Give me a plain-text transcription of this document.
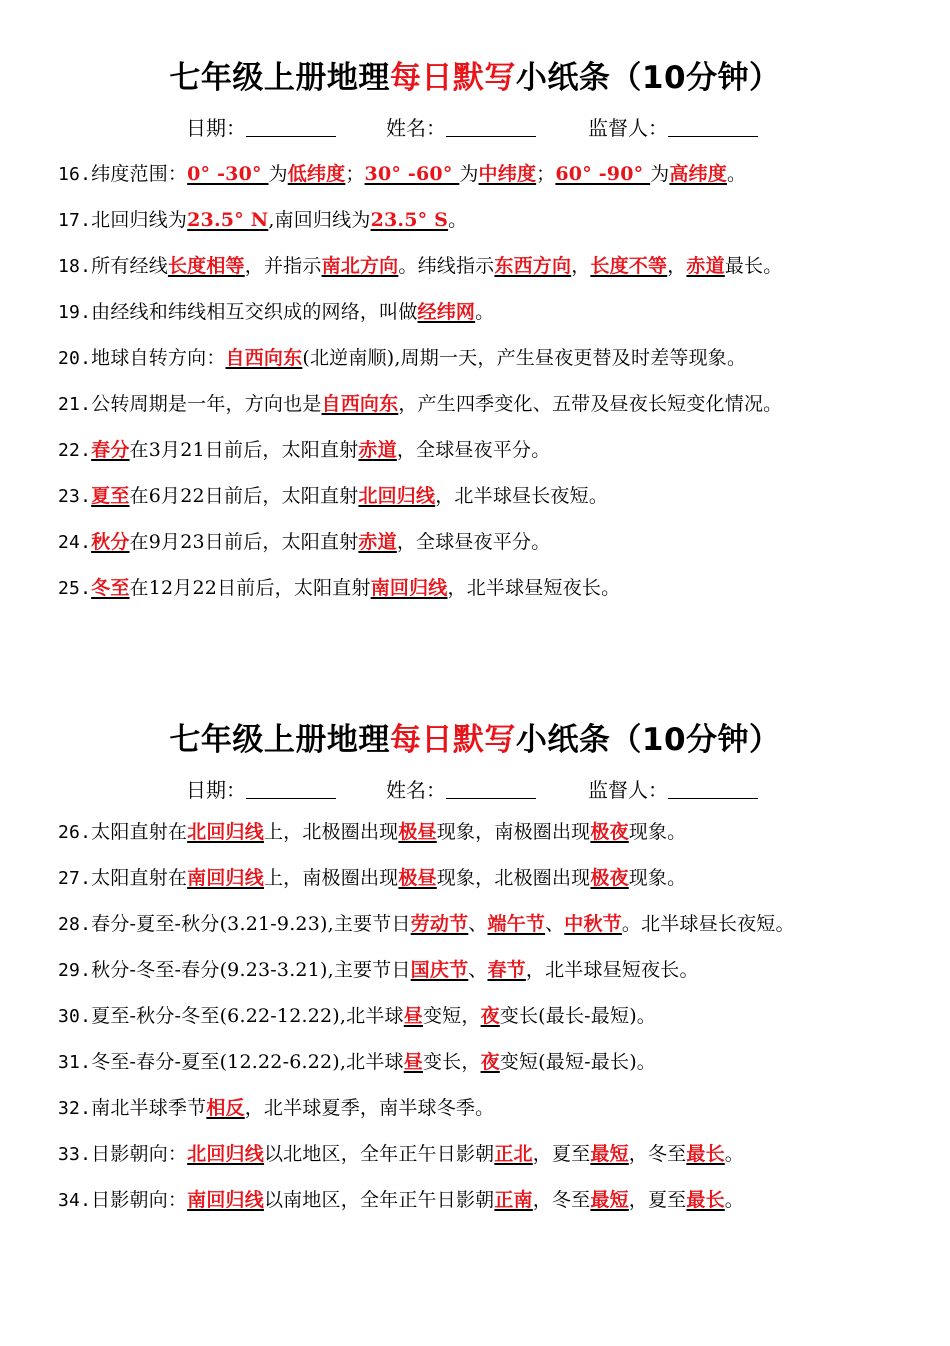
七年级上册地理每日默写小纸条（10分钟）
日期：	姓名：	监督人：
16.纬度范围：0° -30° 为低纬度；30° -60° 为中纬度；60° -90° 为高纬度。
17.北回归线为23.5° N,南回归线为23.5° S。
18.所有经线长度相等，并指示南北方向。纬线指示东西方向，长度不等，赤道最长。
19.由经线和纬线相互交织成的网络，叫做经纬网。
20.地球自转方向：自西向东(北逆南顺),周期一天，产生昼夜更替及时差等现象。
21.公转周期是一年，方向也是自西向东，产生四季变化、五带及昼夜长短变化情况。
22.春分在3月21日前后，太阳直射赤道，全球昼夜平分。
23.夏至在6月22日前后，太阳直射北回归线，北半球昼长夜短。
24.秋分在9月23日前后，太阳直射赤道，全球昼夜平分。
25.冬至在12月22日前后，太阳直射南回归线，北半球昼短夜长。
七年级上册地理每日默写小纸条（10分钟）
日期：	姓名：	监督人：
26.太阳直射在北回归线上，北极圈出现极昼现象，南极圈出现极夜现象。
27.太阳直射在南回归线上，南极圈出现极昼现象，北极圈出现极夜现象。
28.春分-夏至-秋分(3.21-9.23),主要节日劳动节、端午节、中秋节。北半球昼长夜短。
29.秋分-冬至-春分(9.23-3.21),主要节日国庆节、春节，北半球昼短夜长。
30.夏至-秋分-冬至(6.22-12.22),北半球昼变短，夜变长(最长-最短)。
31.冬至-春分-夏至(12.22-6.22),北半球昼变长，夜变短(最短-最长)。
32.南北半球季节相反，北半球夏季，南半球冬季。
33.日影朝向：北回归线以北地区，全年正午日影朝正北，夏至最短，冬至最长。
34.日影朝向：南回归线以南地区，全年正午日影朝正南，冬至最短，夏至最长。
